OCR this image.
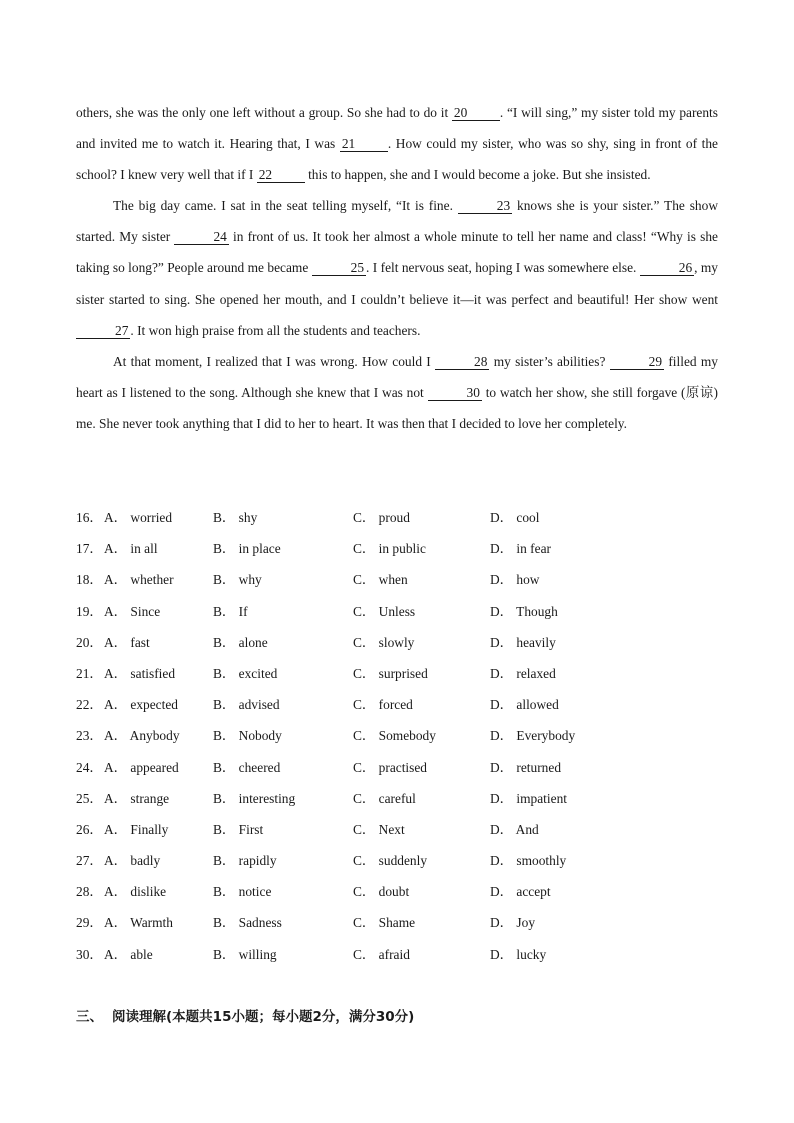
others, she was the only one left without a group. So she had to do it 20 . “I will sing,” my sister told my parents and invited me to watch it. Hearing that, I was 21 . How could my sister, who was so shy, sing in front of the school? I knew very well that if I 22 this to happen, she and I would become a joke. But she insisted.

The big day came. I sat in the seat telling myself, “It is fine.	23 knows she is your sister.” The show started. My sister	24 in front of us. It took her almost a whole minute to tell her name and class! “Why is she taking so long?” People around me became	25 . I felt nervous seat, hoping I was somewhere else.	26 , my sister started to sing. She opened her mouth, and I couldn’t believe it—it was perfect and beautiful! Her show went 27 . It won high praise from all the students and teachers.

At that moment, I realized that I was wrong. How could I	28 my sister’s abilities?	29 filled my heart as I listened to the song. Although she knew that I was not	30 to watch her show, she still forgave (原谅) me. She never took anything that I did to her to heart. It was then that I decided to love her completely.

16． A． worried	B． shy	C． proud	D． cool
17． A． in all	B． in place	C． in public	D． in fear
18． A． whether	B． why	C． when	D． how
19． A． Since	B． If	C． Unless	D． Though
20． A． fast	B． alone	C． slowly	D． heavily
21． A． satisfied	B． excited	C． surprised	D． relaxed
22． A． expected	B． advised	C． forced	D． allowed
23． A． Anybody B． Nobody	C． Somebody	D． Everybody
24． A． appeared	B． cheered	C． practised	D． returned
25． A． strange	B． interesting	C． careful	D． impatient
26． A． Finally	B． First	C． Next	D． And
27． A． badly	B． rapidly	C． suddenly	D． smoothly
28． A． dislike	B． notice	C． doubt	D． accept
29． A． Warmth	B． Sadness	C． Shame	D． Joy
30． A． able	B． willing	C． afraid	D． lucky
三、 阅读理解(本题共15小题；每小题2分，满分30分)
